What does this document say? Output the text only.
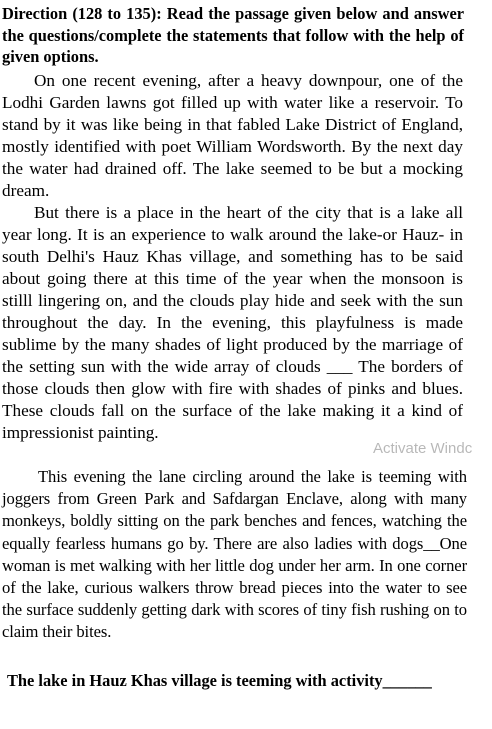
Direction (128 to 135): Read the passage given below and answer the questions/complete the statements that follow with the help of given options.

On one recent evening, after a heavy downpour, one of the Lodhi Garden lawns got filled up with water like a reservoir. To stand by it was like being in that fabled Lake District of England, mostly identified with poet William Wordsworth. By the next day the water had drained off. The lake seemed to be but a mocking dream.

But there is a place in the heart of the city that is a lake all year long. It is an experience to walk around the lake-or Hauz- in south Delhi's Hauz Khas village, and something has to be said about going there at this time of the year when the monsoon is stilll lingering on, and the clouds play hide and seek with the sun throughout the day. In the evening, this playfulness is made sublime by the many shades of light produced by the marriage of the setting sun with the wide array of clouds ___ The borders of those clouds then glow with fire with shades of pinks and blues. These clouds fall on the surface of the lake making it a kind of impressionist painting.

Activate Windc

This evening the lane circling around the lake is teeming with joggers from Green Park and Safdargan Enclave, along with many monkeys, boldly sitting on the park benches and fences, watching the equally fearless humans go by. There are also ladies with dogs__One woman is met walking with her little dog under her arm. In one corner of the lake, curious walkers throw bread pieces into the water to see the surface suddenly getting dark with scores of tiny fish rushing on to claim their bites.

The lake in Hauz Khas village is teeming with activity______
